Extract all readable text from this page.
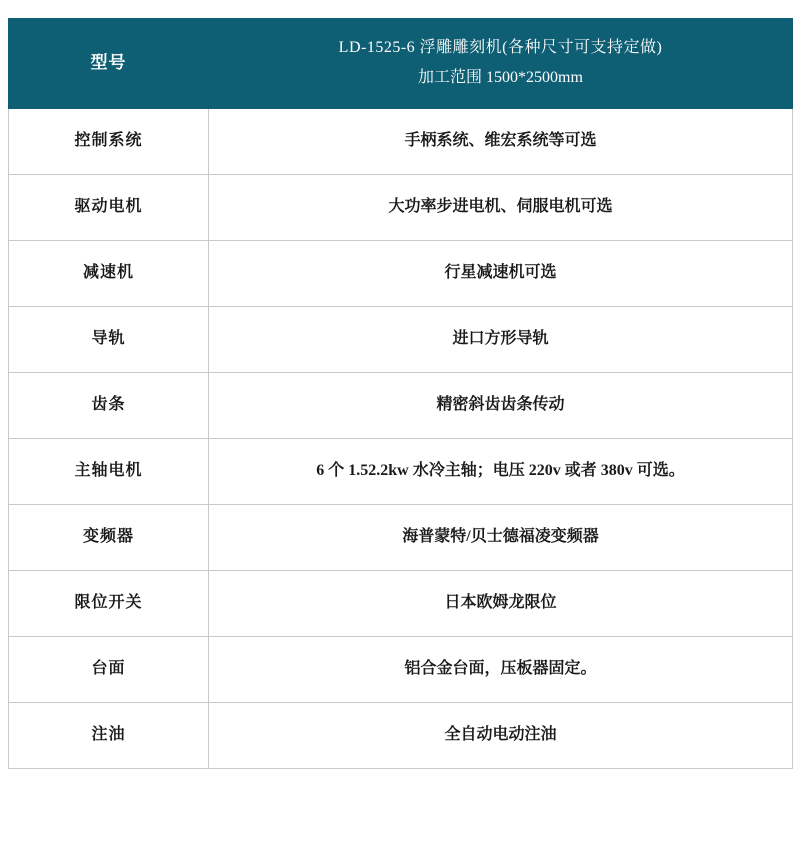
型号	LD-1525-6 浮雕雕刻机(各种尺寸可支持定做)
加工范围 1500*2500mm

控制系统	手柄系统、维宏系统等可选
驱动电机	大功率步进电机、伺服电机可选
减速机	行星减速机可选
导轨	进口方形导轨
齿条	精密斜齿齿条传动
主轴电机	6 个 1.52.2kw 水冷主轴；电压 220v 或者 380v 可选。
变频器	海普蒙特/贝士德福凌变频器
限位开关	日本欧姆龙限位
台面	铝合金台面，压板器固定。
注油	全自动电动注油
